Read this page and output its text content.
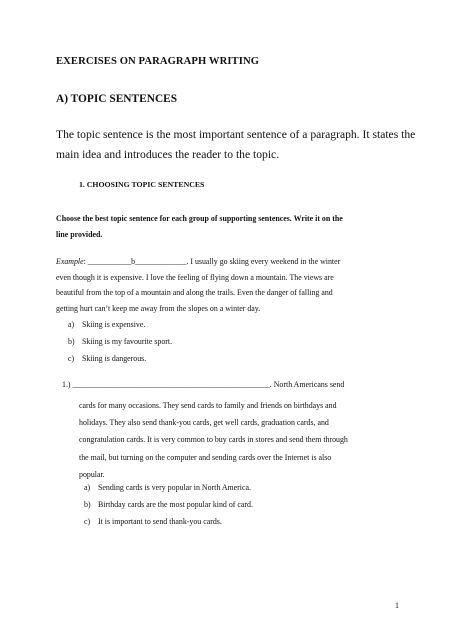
EXERCISES ON PARAGRAPH WRITING
A) TOPIC SENTENCES
The topic sentence is the most important sentence of a paragraph. It states the
main idea and introduces the reader to the topic.
1. CHOOSING TOPIC SENTENCES
Choose the best topic sentence for each group of supporting sentences. Write it on the
line provided.
Example: ___________b_____________. I usually go skiing every weekend in the winter
even though it is expensive. I love the feeling of flying down a mountain. The views are
beautiful from the top of a mountain and along the trails. Even the danger of falling and
getting hurt can’t keep me away from the slopes on a winter day.
a) Skiing is expensive.
b) Skiing is my favourite sport.
c) Skiing is dangerous.
1.) __________________________________________________. North Americans send
cards for many occasions. They send cards to family and friends on birthdays and
holidays. They also send thank-you cards, get well cards, graduation cards, and
congratulation cards. It is very common to buy cards in stores and send them through
the mail, but turning on the computer and sending cards over the Internet is also
popular.
a) Sending cards is very popular in North America.
b) Birthday cards are the most popular kind of card.
c) It is important to send thank-you cards.
1
